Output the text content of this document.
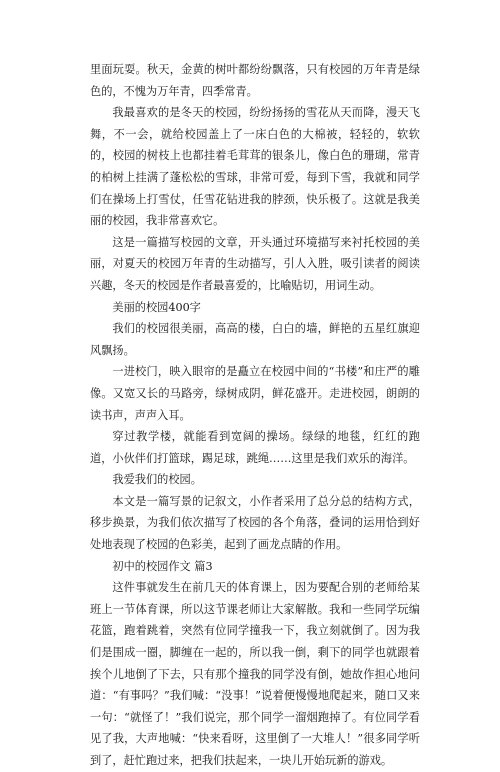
里面玩耍。秋天，金黄的树叶都纷纷飘落，只有校园的万年青是绿色的，不愧为万年青，四季常青。

我最喜欢的是冬天的校园，纷纷扬扬的雪花从天而降，漫天飞舞，不一会，就给校园盖上了一床白色的大棉被，轻轻的，软软的，校园的树枝上也都挂着毛茸茸的银条儿，像白色的珊瑚，常青的柏树上挂满了蓬松松的雪球，非常可爱，每到下雪，我就和同学们在操场上打雪仗，任雪花钻进我的脖颈，快乐极了。这就是我美丽的校园，我非常喜欢它。

这是一篇描写校园的文章，开头通过环境描写来衬托校园的美丽，对夏天的校园万年青的生动描写，引人入胜，吸引读者的阅读兴趣，冬天的校园是作者最喜爱的，比喻贴切，用词生动。

美丽的校园400字

我们的校园很美丽，高高的楼，白白的墙，鲜艳的五星红旗迎风飘扬。

一进校门，映入眼帘的是矗立在校园中间的“书楼”和庄严的雕像。又宽又长的马路旁，绿树成阴，鲜花盛开。走进校园，朗朗的读书声，声声入耳。

穿过教学楼，就能看到宽阔的操场。绿绿的地毯，红红的跑道，小伙伴们打篮球，踢足球，跳绳……这里是我们欢乐的海洋。

我爱我们的校园。

本文是一篇写景的记叙文，小作者采用了总分总的结构方式，移步换景，为我们依次描写了校园的各个角落，叠词的运用恰到好处地表现了校园的色彩美，起到了画龙点睛的作用。

初中的校园作文 篇3

这件事就发生在前几天的体育课上，因为要配合别的老师给某班上一节体育课，所以这节课老师让大家解散。我和一些同学玩编花篮，跑着跳着，突然有位同学撞我一下，我立刻就倒了。因为我们是围成一圈，脚缠在一起的，所以我一倒，剩下的同学也就跟着挨个儿地倒了下去，只有那个撞我的同学没有倒，她故作担心地问道：“有事吗？”我们喊：“没事！”说着便慢慢地爬起来，随口又来一句：“就怪了！”我们说完，那个同学一溜烟跑掉了。有位同学看见了我，大声地喊：“快来看呀，这里倒了一大堆人！”很多同学听到了，赶忙跑过来，把我们扶起来，一块儿开始玩新的游戏。
